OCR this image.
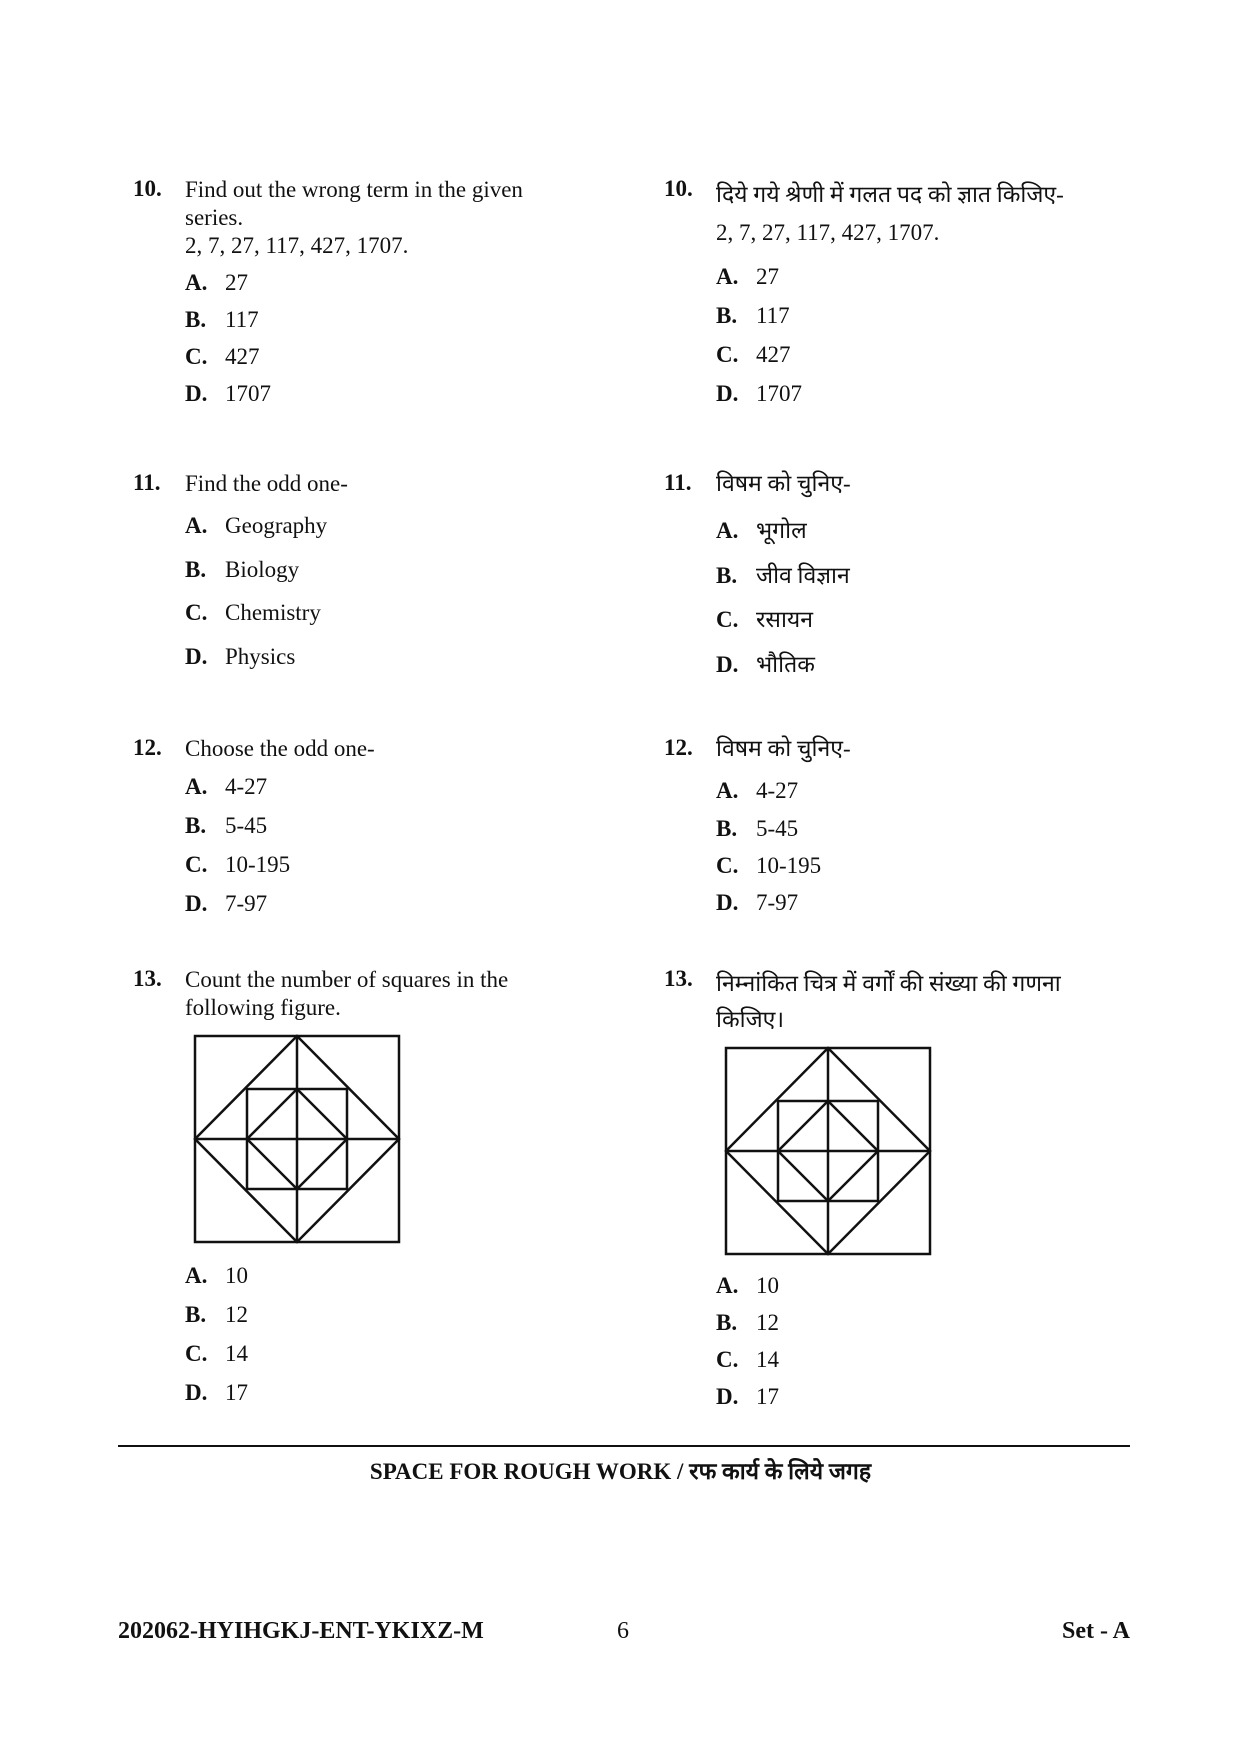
10. Find out the wrong term in the given
series.
2, 7, 27, 117, 427, 1707.
A. 27
B. 117
C. 427
D. 1707
11. Find the odd one-
A. Geography
B. Biology
C. Chemistry
D. Physics
12. Choose the odd one-
A. 4-27
B. 5-45
C. 10-195
D. 7-97
13. Count the number of squares in the
following figure.
A. 10
B. 12
C. 14
D. 17
10. दिये गये श्रेणी में गलत पद को ज्ञात किजिए-
2, 7, 27, 117, 427, 1707.
A. 27
B. 117
C. 427
D. 1707
11. विषम को चुनिए-
A. भूगोल
B. जीव विज्ञान
C. रसायन
D. भौतिक
12. विषम को चुनिए-
A. 4-27
B. 5-45
C. 10-195
D. 7-97
13. निम्नांकित चित्र में वर्गों की संख्या की गणना
किजिए।
A. 10
B. 12
C. 14
D. 17
SPACE FOR ROUGH WORK / रफ कार्य के लिये जगह
202062-HYIHGKJ-ENT-YKIXZ-M	6	Set - A
